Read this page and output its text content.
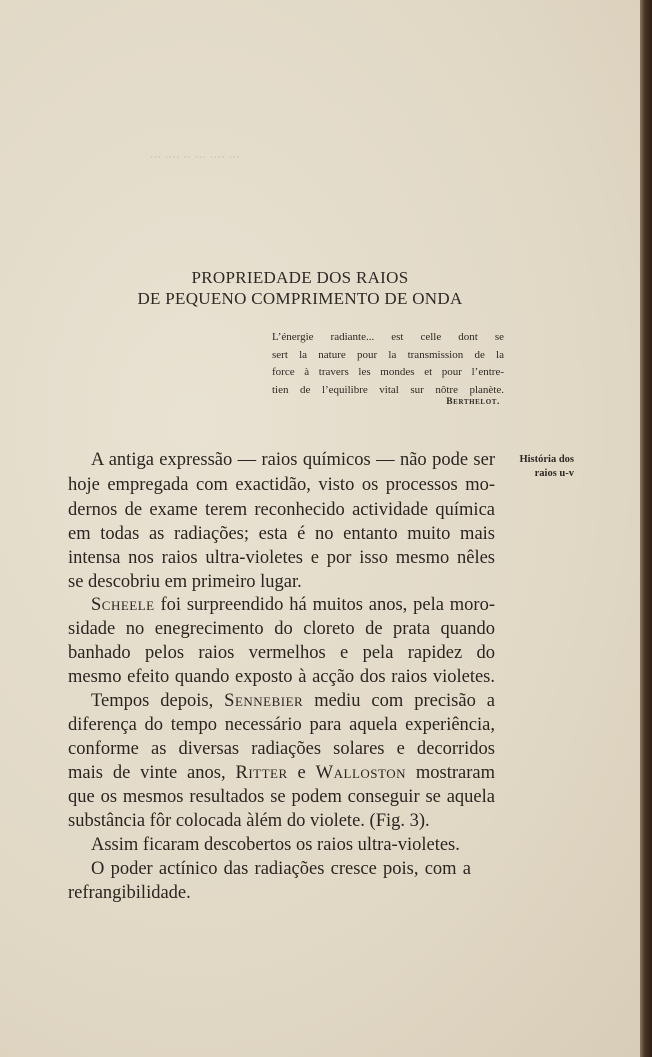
··· ···· ··· ·· ···· ···
PROPRIEDADE DOS RAIOS
DE PEQUENO COMPRIMENTO DE ONDA
L’énergie radiante... est celle dont se
sert la nature pour la transmission de la
force à travers les mondes et pour l’entre-
tien de l’equilibre vital sur nôtre planète.
Berthelot.
História dos
raios u-v
A antiga expressão — raios químicos — não pode ser
hoje empregada com exactidão, visto os processos mo-
dernos de exame terem reconhecido actividade química
em todas as radiações; esta é no entanto muito mais
intensa nos raios ultra-violetes e por isso mesmo nêles
se descobriu em primeiro lugar.
Scheele foi surpreendido há muitos anos, pela moro-
sidade no enegrecimento do cloreto de prata quando
banhado pelos raios vermelhos e pela rapidez do
mesmo efeito quando exposto à acção dos raios violetes.
Tempos depois, Sennebier mediu com precisão a
diferença do tempo necessário para aquela experiência,
conforme as diversas radiações solares e decorridos
mais de vinte anos, Ritter e Walloston mostraram
que os mesmos resultados se podem conseguir se aquela
substância fôr colocada àlém do violete. (Fig. 3).
Assim ficaram descobertos os raios ultra-violetes.
O poder actínico das radiações cresce pois, com a
refrangibilidade.
